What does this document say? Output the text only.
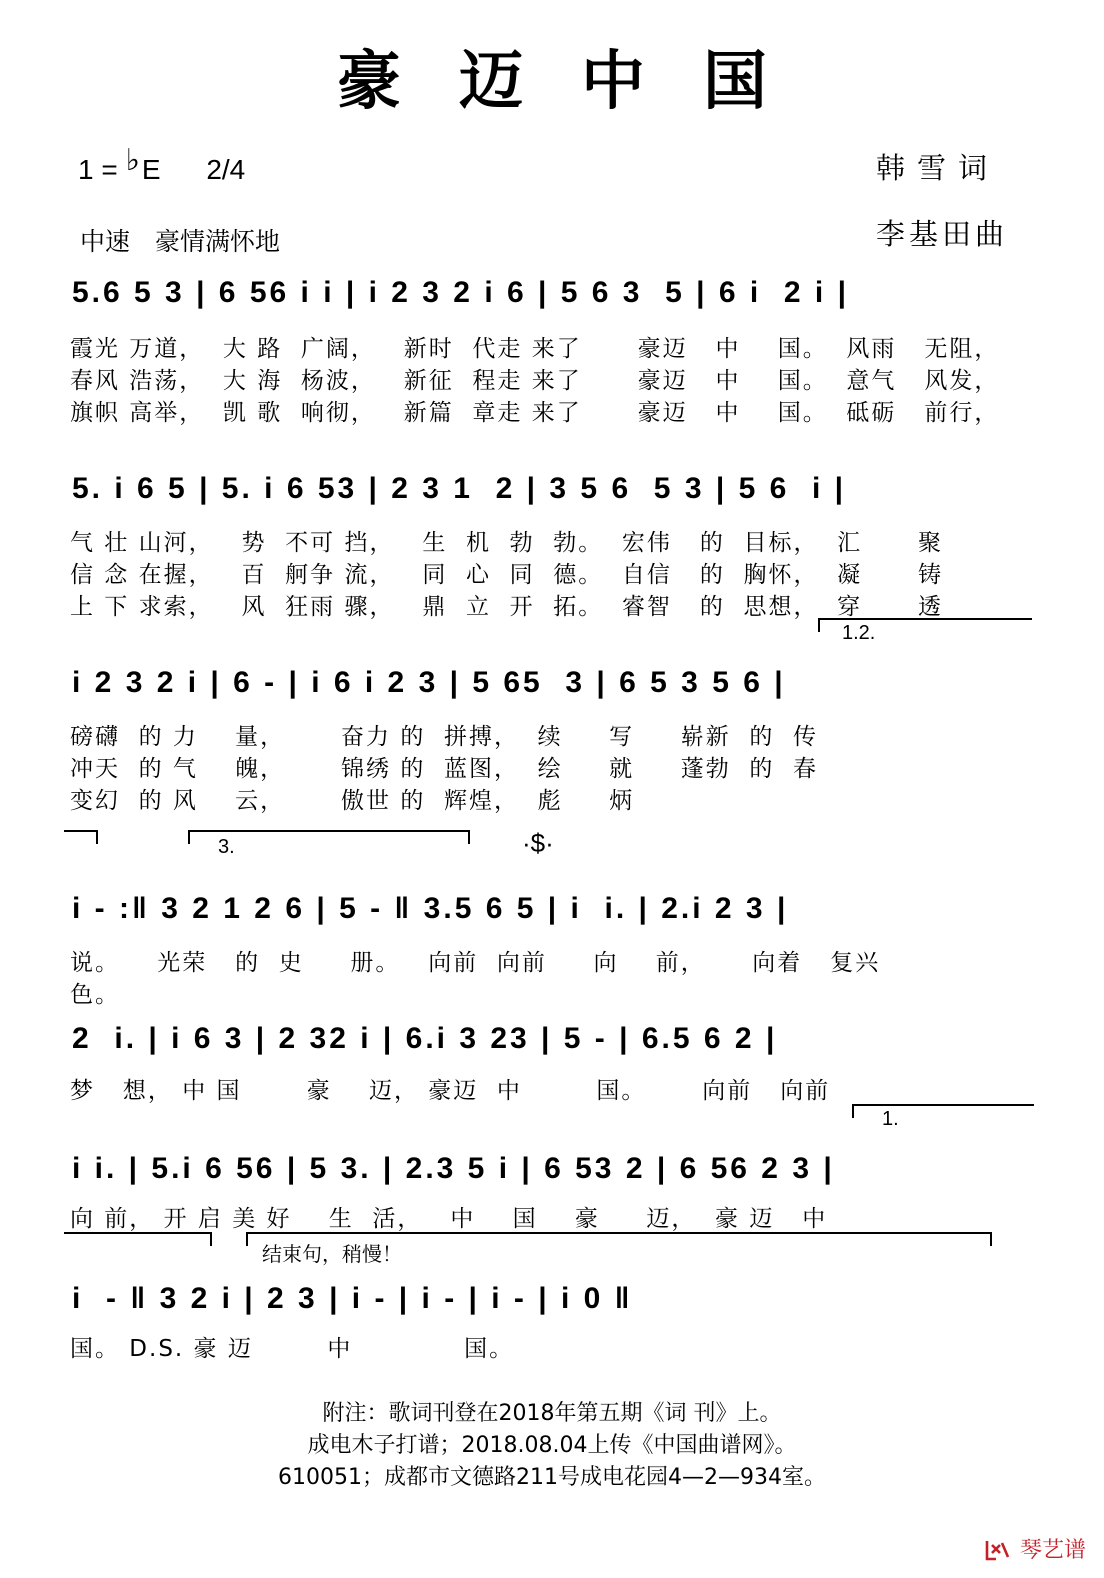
豪迈中国
1 = ♭E 2/4
中速　豪情满怀地
韩雪词
李基田曲
5.6 5 3 | 6 56 i i | i 2 3 2 i 6 | 5 6 3  5 | 6 i  2 i |
霞光 万道，  大 路  广阔，   新时  代走 来了      豪迈   中    国。  风雨   无阻，
春风 浩荡，  大 海  杨波，   新征  程走 来了      豪迈   中    国。  意气   风发，
旗帜 高举，  凯 歌  响彻，   新篇  章走 来了      豪迈   中    国。  砥砺   前行，
5. i 6 5 | 5. i 6 53 | 2 3 1  2 | 3 5 6  5 3 | 5 6  i |
气 壮 山河，   势  不可 挡，   生  机  勃  勃。  宏伟   的  目标，  汇      聚
信 念 在握，   百  舸争 流，   同  心  同  德。  自信   的  胸怀，  凝      铸
上 下 求索，   风  狂雨 骤，   鼎  立  开  拓。  睿智   的  思想，  穿      透
1.2.
i 2 3 2 i | 6 - | i 6 i 2 3 | 5 65  3 | 6 5 3 5 6 |
磅礴  的 力    量，      奋力 的  拼搏，  续     写     崭新  的  传
冲天  的 气    魄，      锦绣 的  蓝图，  绘     就     蓬勃  的  春
变幻  的 风    云，      傲世 的  辉煌，  彪     炳
3.	·$·
i - :‖ 3 2 1 2 6 | 5 - ‖ 3.5 6 5 | i  i. | 2.i 2 3 |
说。    光荣   的  史     册。   向前  向前     向    前，     向着   复兴
色。
2  i. | i 6 3 | 2 32 i | 6.i 3 23 | 5 - | 6.5 6 2 |
梦   想， 中 国       豪    迈， 豪迈  中        国。      向前   向前
1.
i i. | 5.i 6 56 | 5 3. | 2.3 5 i | 6 53 2 | 6 56 2 3 |
向 前， 开 启 美 好    生  活，   中    国    豪     迈，  豪 迈   中
结束句，稍慢！
i  - ‖ 3 2 i | 2 3 | i - | i - | i - | i 0 ‖
国。 D.S. 豪 迈        中            国。
附注：歌词刊登在2018年第五期《词 刊》上。
成电木子打谱；2018.08.04上传《中国曲谱网》。
610051；成都市文德路211号成电花园4—2—934室。
琴艺谱
